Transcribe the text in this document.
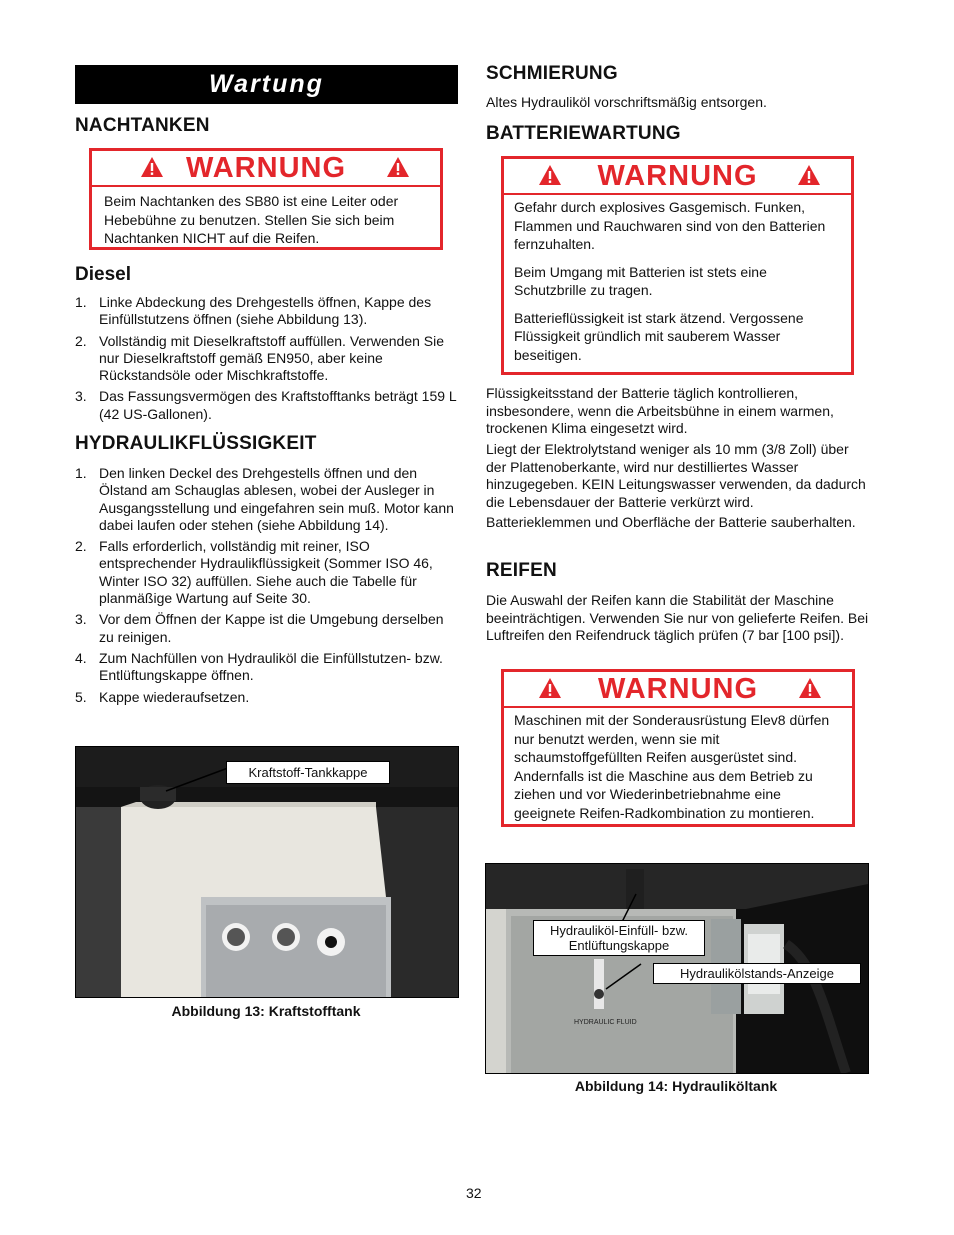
Wartung
NACHTANKEN
WARNUNG

Beim Nachtanken des SB80 ist eine Leiter oder Hebebühne zu benutzen. Stellen Sie sich beim Nachtanken NICHT auf die Reifen.

Diesel
1. Linke Abdeckung des Drehgestells öffnen, Kappe des Einfüllstutzens öffnen (siehe Abbildung 13).
2. Vollständig mit Dieselkraftstoff auffüllen. Verwenden Sie nur Dieselkraftstoff gemäß EN950, aber keine Rückstandsöle oder Mischkraftstoffe.
3. Das Fassungsvermögen des Kraftstofftanks beträgt 159 L (42 US-Gallonen).
HYDRAULIKFLÜSSIGKEIT
1. Den linken Deckel des Drehgestells öffnen und den Ölstand am Schauglas ablesen, wobei der Ausleger in Ausgangsstellung und eingefahren sein muß. Motor kann dabei laufen oder stehen (siehe Abbildung 14).
2. Falls erforderlich, vollständig mit reiner, ISO entsprechender Hydraulikflüssigkeit (Sommer ISO 46, Winter ISO 32) auffüllen. Siehe auch die Tabelle für planmäßige Wartung auf Seite 30.
3. Vor dem Öffnen der Kappe ist die Umgebung derselben zu reinigen.
4. Zum Nachfüllen von Hydrauliköl die Einfüllstutzen- bzw. Entlüftungskappe öffnen.
5. Kappe wiederaufsetzen.
Kraftstoff-Tankkappe
Abbildung 13: Kraftstofftank
SCHMIERUNG

Altes Hydrauliköl vorschriftsmäßig entsorgen.

BATTERIEWARTUNG
WARNUNG

Gefahr durch explosives Gasgemisch. Funken, Flammen und Rauchwaren sind von den Batterien fernzuhalten.

Beim Umgang mit Batterien ist stets eine Schutzbrille zu tragen.

Batterieflüssigkeit ist stark ätzend. Vergossene Flüssigkeit gründlich mit sauberem Wasser beseitigen.

Flüssigkeitsstand der Batterie täglich kontrollieren, insbesondere, wenn die Arbeitsbühne in einem warmen, trockenen Klima eingesetzt wird.

Liegt der Elektrolytstand weniger als 10 mm (3/8 Zoll) über der Plattenoberkante, wird nur destilliertes Wasser hinzugegeben. KEIN Leitungswasser verwenden, da dadurch die Lebensdauer der Batterie verkürzt wird.

Batterieklemmen und Oberfläche der Batterie sauberhalten.

REIFEN

Die Auswahl der Reifen kann die Stabilität der Maschine beeinträchtigen. Verwenden Sie nur von gelieferte Reifen. Bei Luftreifen den Reifendruck täglich prüfen (7 bar [100 psi]).

WARNUNG

Maschinen mit der Sonderausrüstung Elev8 dürfen nur benutzt werden, wenn sie mit schaumstoffgefüllten Reifen ausgerüstet sind. Andernfalls ist die Maschine aus dem Betrieb zu ziehen und vor Wiederinbetriebnahme eine geeignete Reifen-Radkombination zu montieren.

HYDRAULIC FLUID
Hydrauliköl-Einfüll- bzw. Entlüftungskappe
Hydraulikölstands-Anzeige
Abbildung 14: Hydrauliköltank
32
